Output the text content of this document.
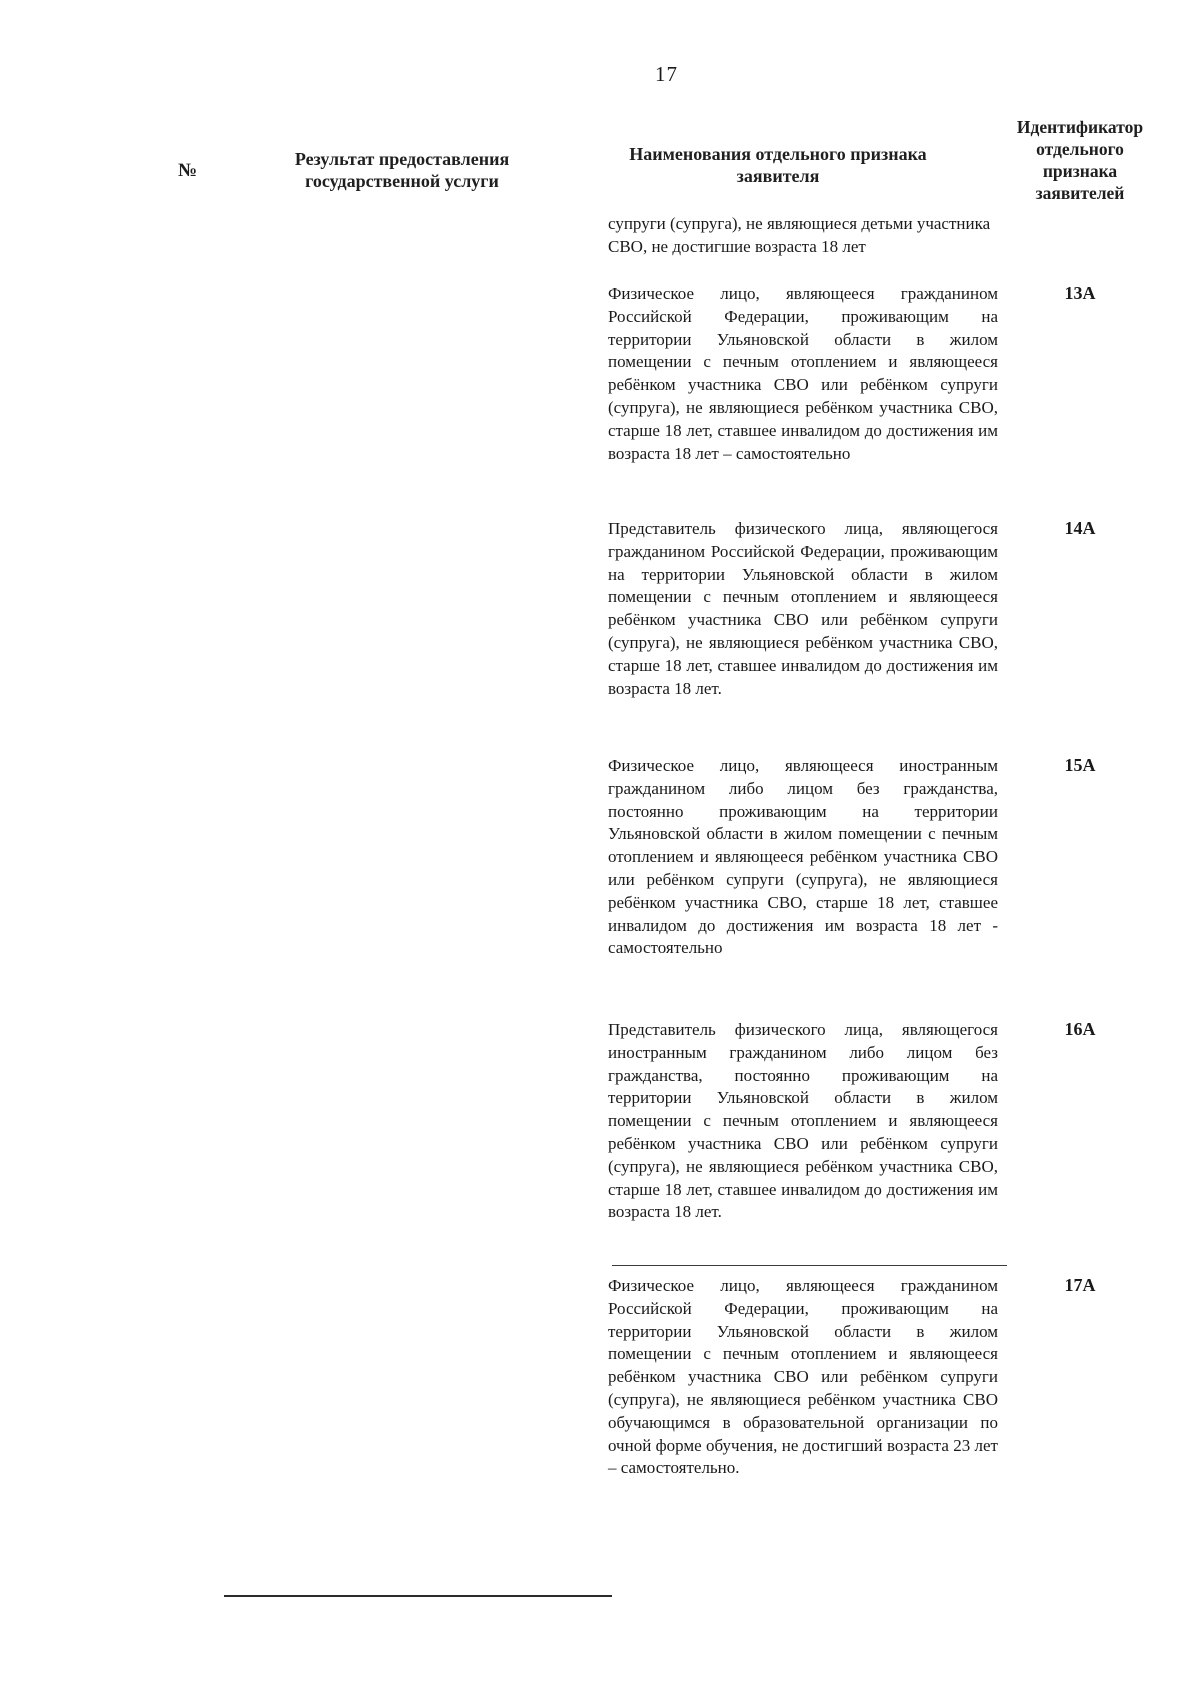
17
№
Результат предоставления государственной услуги
Наименования отдельного признака заявителя
Идентификатор отдельного признака заявителей
супруги (супруга), не являющиеся детьми участника СВО, не достигшие возраста 18 лет
Физическое лицо, являющееся гражданином Российской Федерации, проживающим на территории Ульяновской области в жилом помещении с печным отоплением и являющееся ребёнком участника СВО или ребёнком супруги (супруга), не являющиеся ребёнком участника СВО, старше 18 лет, ставшее инвалидом до достижения им возраста 18 лет – самостоятельно
13А
Представитель физического лица, являющегося гражданином Российской Федерации, проживающим на территории Ульяновской области в жилом помещении с печным отоплением и являющееся ребёнком участника СВО или ребёнком супруги (супруга), не являющиеся ребёнком участника СВО, старше 18 лет, ставшее инвалидом до достижения им возраста 18 лет.
14А
Физическое лицо, являющееся иностранным гражданином либо лицом без гражданства, постоянно проживающим на территории Ульяновской области в жилом помещении с печным отоплением и являющееся ребёнком участника СВО или ребёнком супруги (супруга), не являющиеся ребёнком участника СВО, старше 18 лет, ставшее инвалидом до достижения им возраста 18 лет - самостоятельно
15А
Представитель физического лица, являющегося иностранным гражданином либо лицом без гражданства, постоянно проживающим на территории Ульяновской области в жилом помещении с печным отоплением и являющееся ребёнком участника СВО или ребёнком супруги (супруга), не являющиеся ребёнком участника СВО, старше 18 лет, ставшее инвалидом до достижения им возраста 18 лет.
16А
Физическое лицо, являющееся гражданином Российской Федерации, проживающим на территории Ульяновской области в жилом помещении с печным отоплением и являющееся ребёнком участника СВО или ребёнком супруги (супруга), не являющиеся ребёнком участника СВО обучающимся в образовательной организации по очной форме обучения, не достигший возраста 23 лет – самостоятельно.
17А
